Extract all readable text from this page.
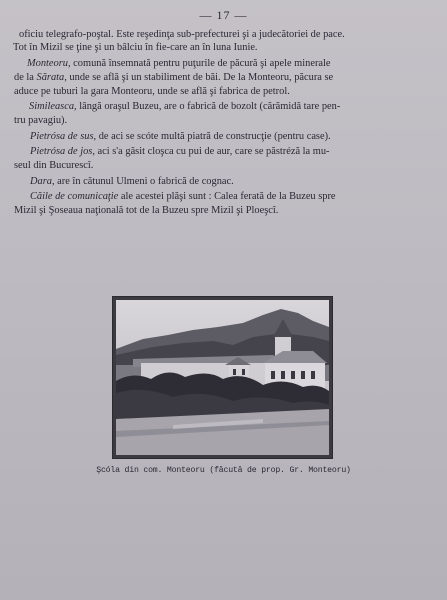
— 17 —
oficiu telegrafo-poştal. Este reşedinţa sub-prefecturei şi a judecătoriei de pace.
Tot în Mizil se ţine şi un bâlciu în fie-care an în luna Iunie.
Monteoru, comună însemnată pentru puţurile de păcură şi apele minerale
de la Sărata, unde se află şi un stabiliment de băi. De la Monteoru, păcura se
aduce pe tuburi la gara Monteoru, unde se află şi fabrica de petrol.
Simileasca, lângă oraşul Buzeu, are o fabrică de bozolt (cărămidă tare pen-
tru pavagiu).
Pietrósa de sus, de aci se scóte multă piatră de construcţie (pentru case).
Pietrósa de jos, aci s'a găsit cloşca cu pui de aur, care se păstréză la mu-
seul din Bucurescî.
Dara, are în cătunul Ulmeni o fabrică de cognac.
Căile de comunicaţie ale acestei plăşi sunt : Calea ferată de la Buzeu spre
Mizil şi Şoseaua naţională tot de la Buzeu spre Mizil şi Ploeşcî.
Şcóla din com. Monteoru (făcută de prop. Gr. Monteoru)
